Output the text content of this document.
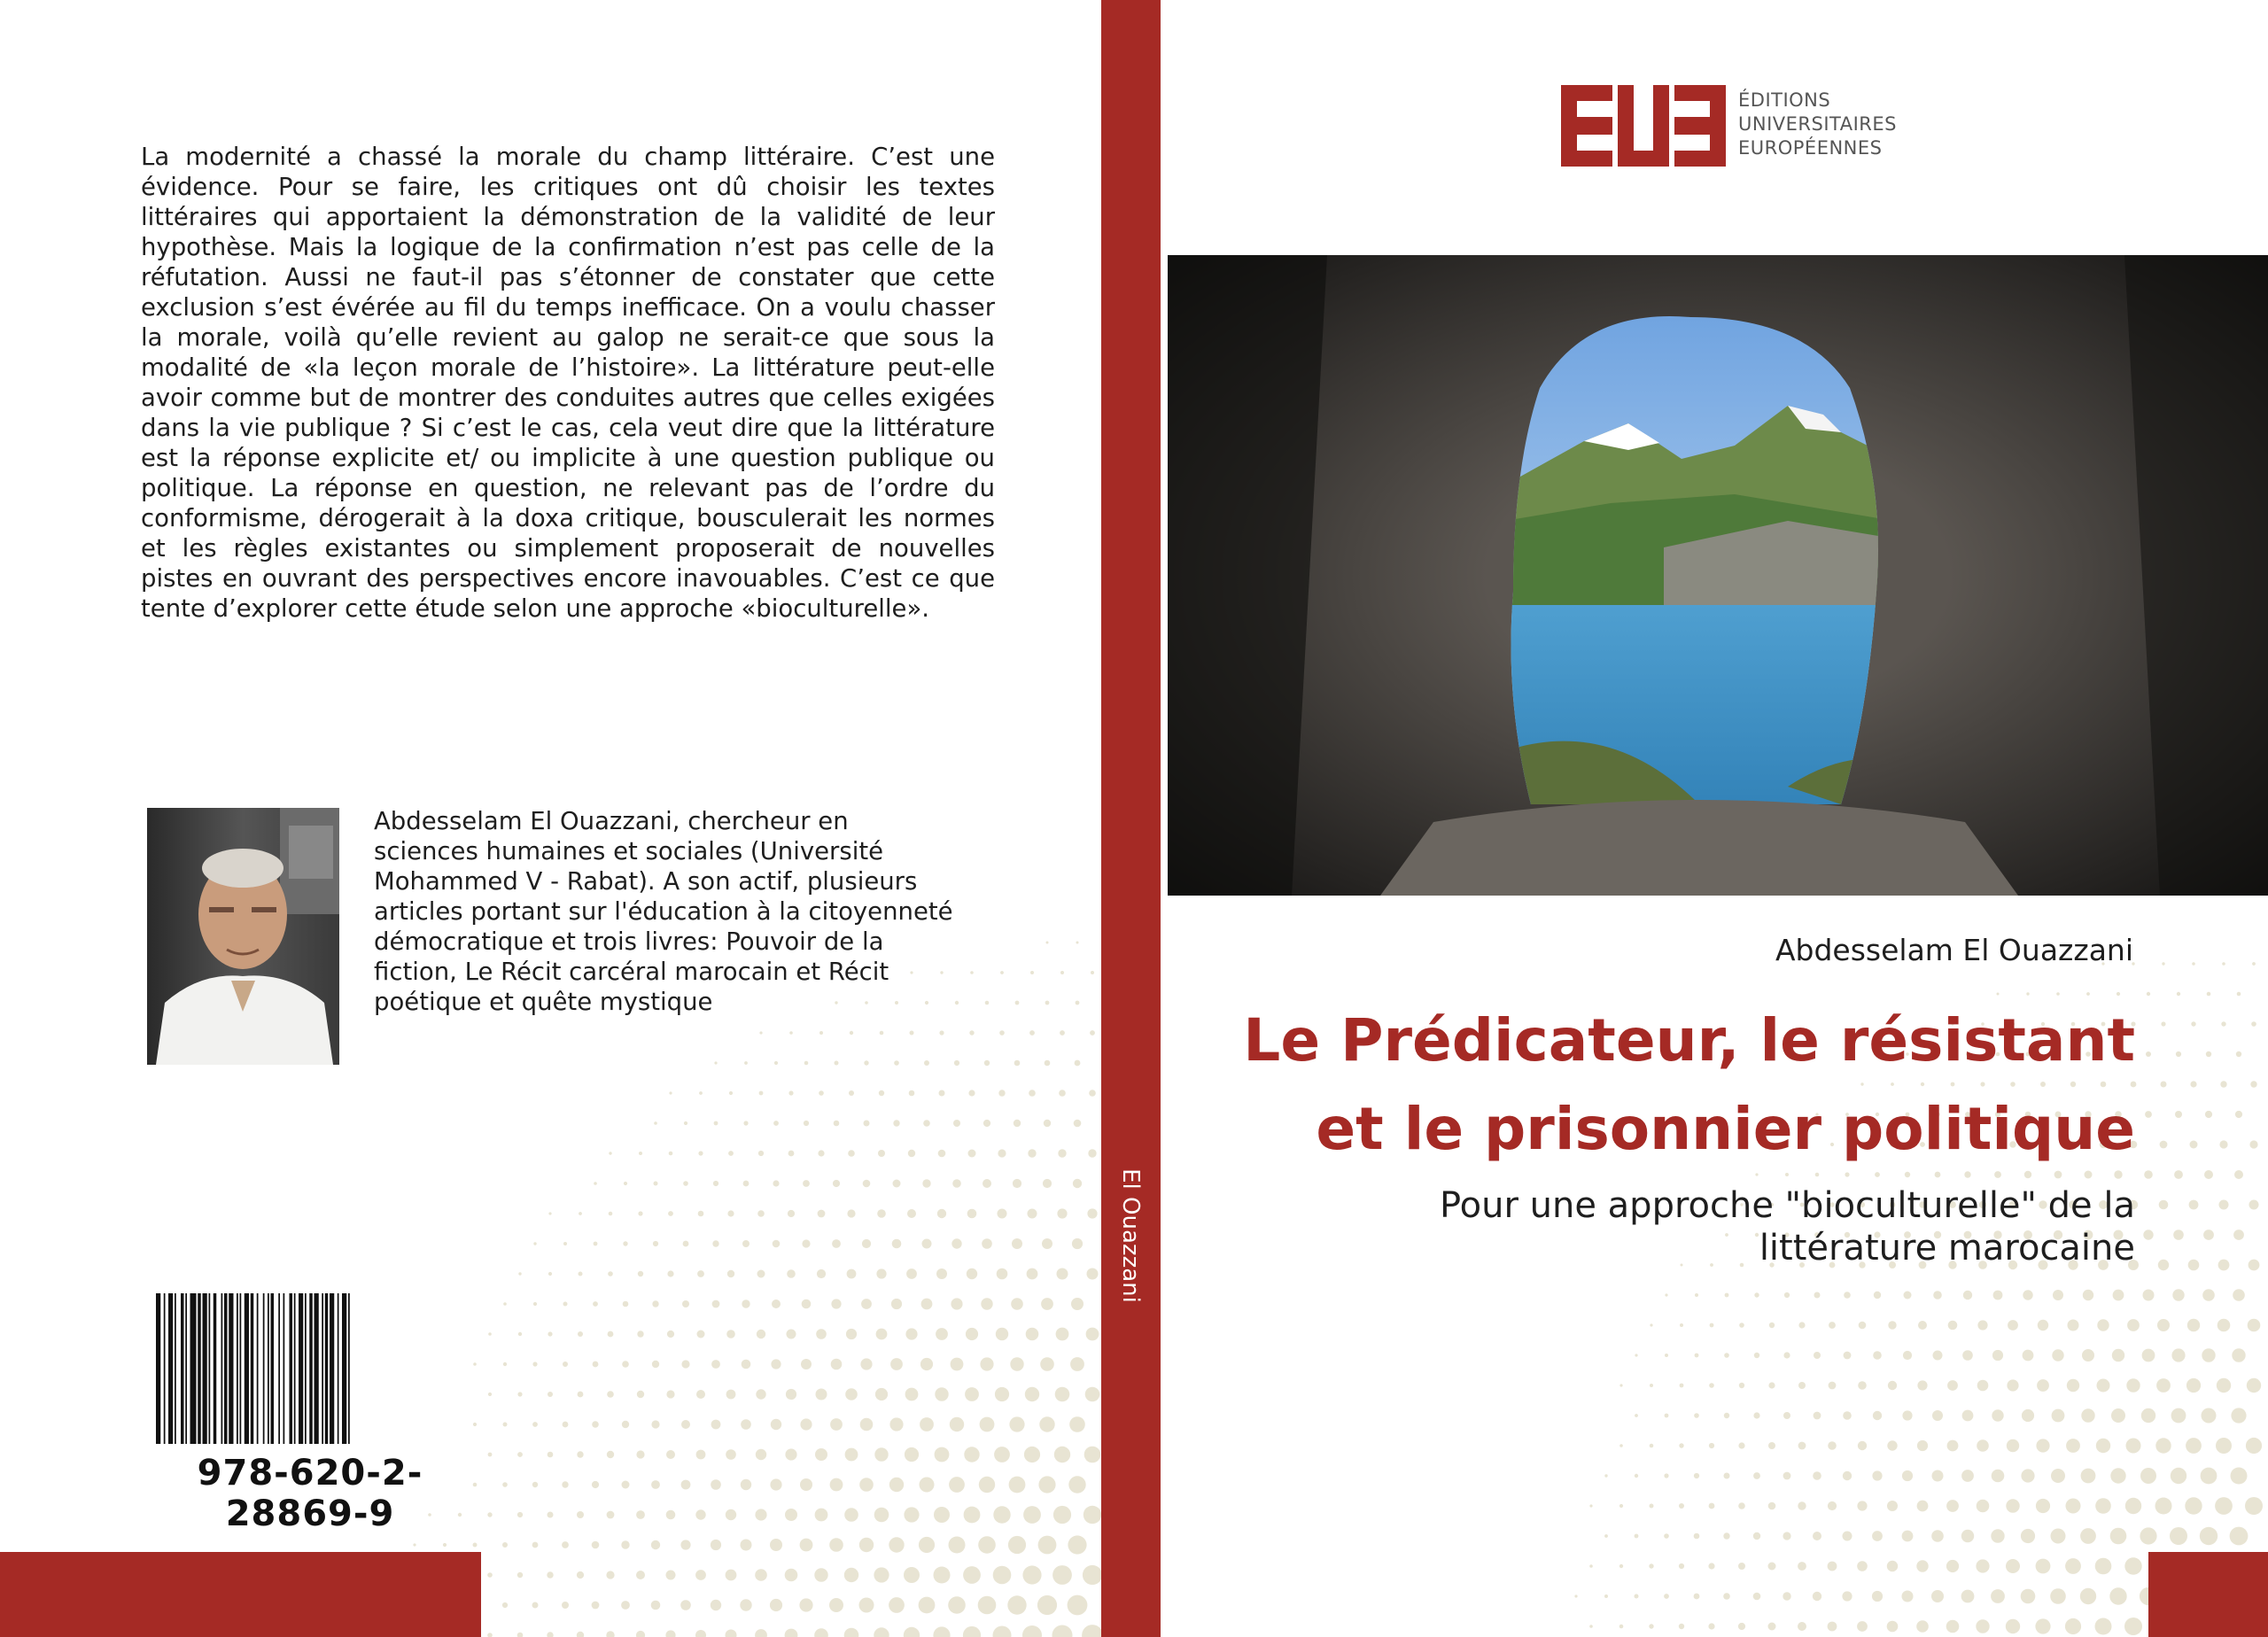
La modernité a chassé la morale du champ littéraire. C’est une évidence. Pour se faire, les critiques ont dû choisir les textes littéraires qui apportaient la démonstration de la validité de leur hypothèse. Mais la logique de la confirmation n’est pas celle de la réfutation. Aussi ne faut-il pas s’étonner de constater que cette exclusion s’est évérée au fil du temps inefficace. On a voulu chasser la morale, voilà qu’elle revient au galop ne serait-ce que sous la modalité de «la leçon morale de l’histoire». La littérature peut-elle avoir comme but de montrer des conduites autres que celles exigées dans la vie publique ? Si c’est le cas, cela veut dire que la littérature est la réponse explicite et/ ou implicite à une question publique ou politique. La réponse en question, ne relevant pas de l’ordre du conformisme, dérogerait à la doxa critique, bousculerait les normes et les règles existantes ou simplement proposerait de nouvelles pistes en ouvrant des perspectives encore inavouables. C’est ce que tente d’explorer cette étude selon une approche «bioculturelle».
Abdesselam El Ouazzani, chercheur en sciences humaines et sociales (Université Mohammed V - Rabat). A son actif, plusieurs articles portant sur l'éducation à la citoyenneté démocratique et trois livres: Pouvoir de la fiction, Le Récit carcéral marocain et Récit poétique et quête mystique
978-620-2-28869-9
El Ouazzani
ÉDITIONS
UNIVERSITAIRES
EUROPÉENNES
Abdesselam El Ouazzani
Le Prédicateur, le résistant
et le prisonnier politique
Pour une approche "bioculturelle" de la
littérature marocaine
